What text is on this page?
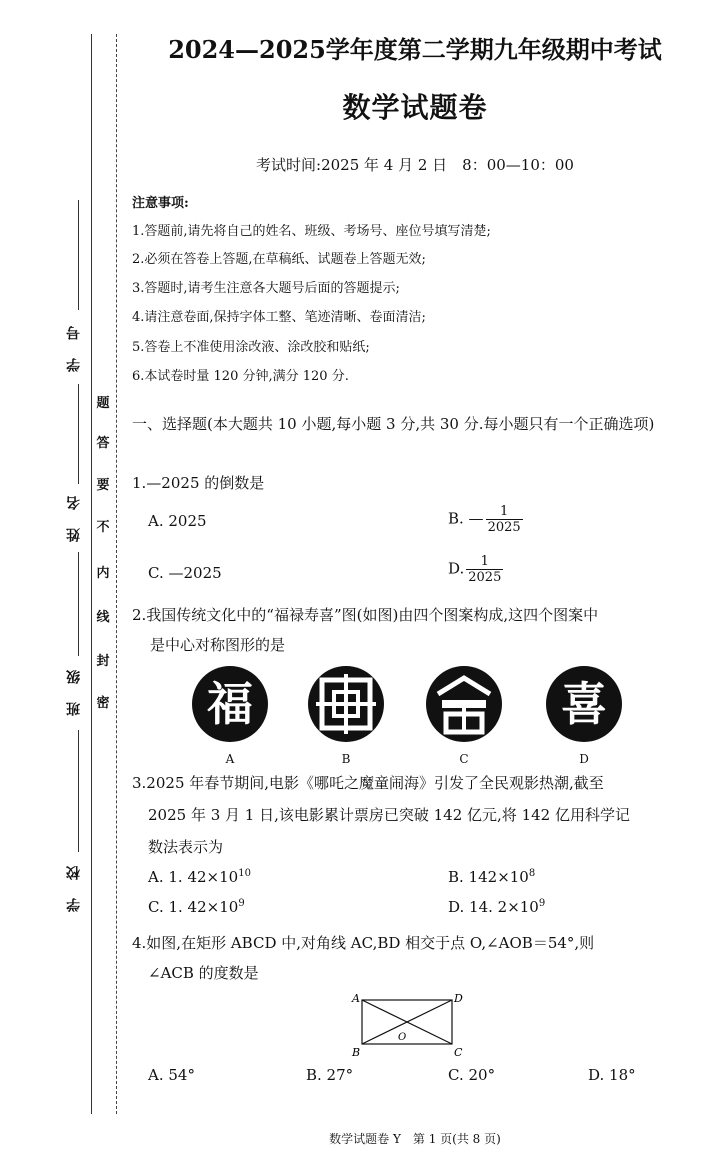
学　号
姓　名
班　级
学　校
题
答
要
不
内
线
封
密
2024—2025学年度第二学期九年级期中考试
数学试题卷
考试时间:2025 年 4 月 2 日　8：00—10：00
注意事项:
1.答题前,请先将自己的姓名、班级、考场号、座位号填写清楚;
2.必须在答卷上答题,在草稿纸、试题卷上答题无效;
3.答题时,请考生注意各大题号后面的答题提示;
4.请注意卷面,保持字体工整、笔迹清晰、卷面清洁;
5.答卷上不准使用涂改液、涂改胶和贴纸;
6.本试卷时量 120 分钟,满分 120 分.
一、选择题(本大题共 10 小题,每小题 3 分,共 30 分.每小题只有一个正确选项)
1.—2025 的倒数是
A. 2025	B. — $\frac{1}{2025}$
C. —2025	D. $\frac{1}{2025}$
2.我国传统文化中的“福禄寿喜”图(如图)由四个图案构成,这四个图案中
是中心对称图形的是
福	喜
A	B	C	D
3.2025 年春节期间,电影《哪吒之魔童闹海》引发了全民观影热潮,截至
2025 年 3 月 1 日,该电影累计票房已突破 142 亿元,将 142 亿用科学记
数法表示为
A. 1. $42\times 10^{10}$	B. $142\times 10^8$
C. 1. $42\times 10^9$	D. 14. $2\times 10^9$
4.如图,在矩形 ABCD 中,对角线 AC,BD 相交于点 O,∠AOB＝54°,则
∠ACB 的度数是
A	D
O
B	C
A. 54°	B. 27°	C. 20°	D. 18°
数学试题卷 Y　第 1 页(共 8 页)
